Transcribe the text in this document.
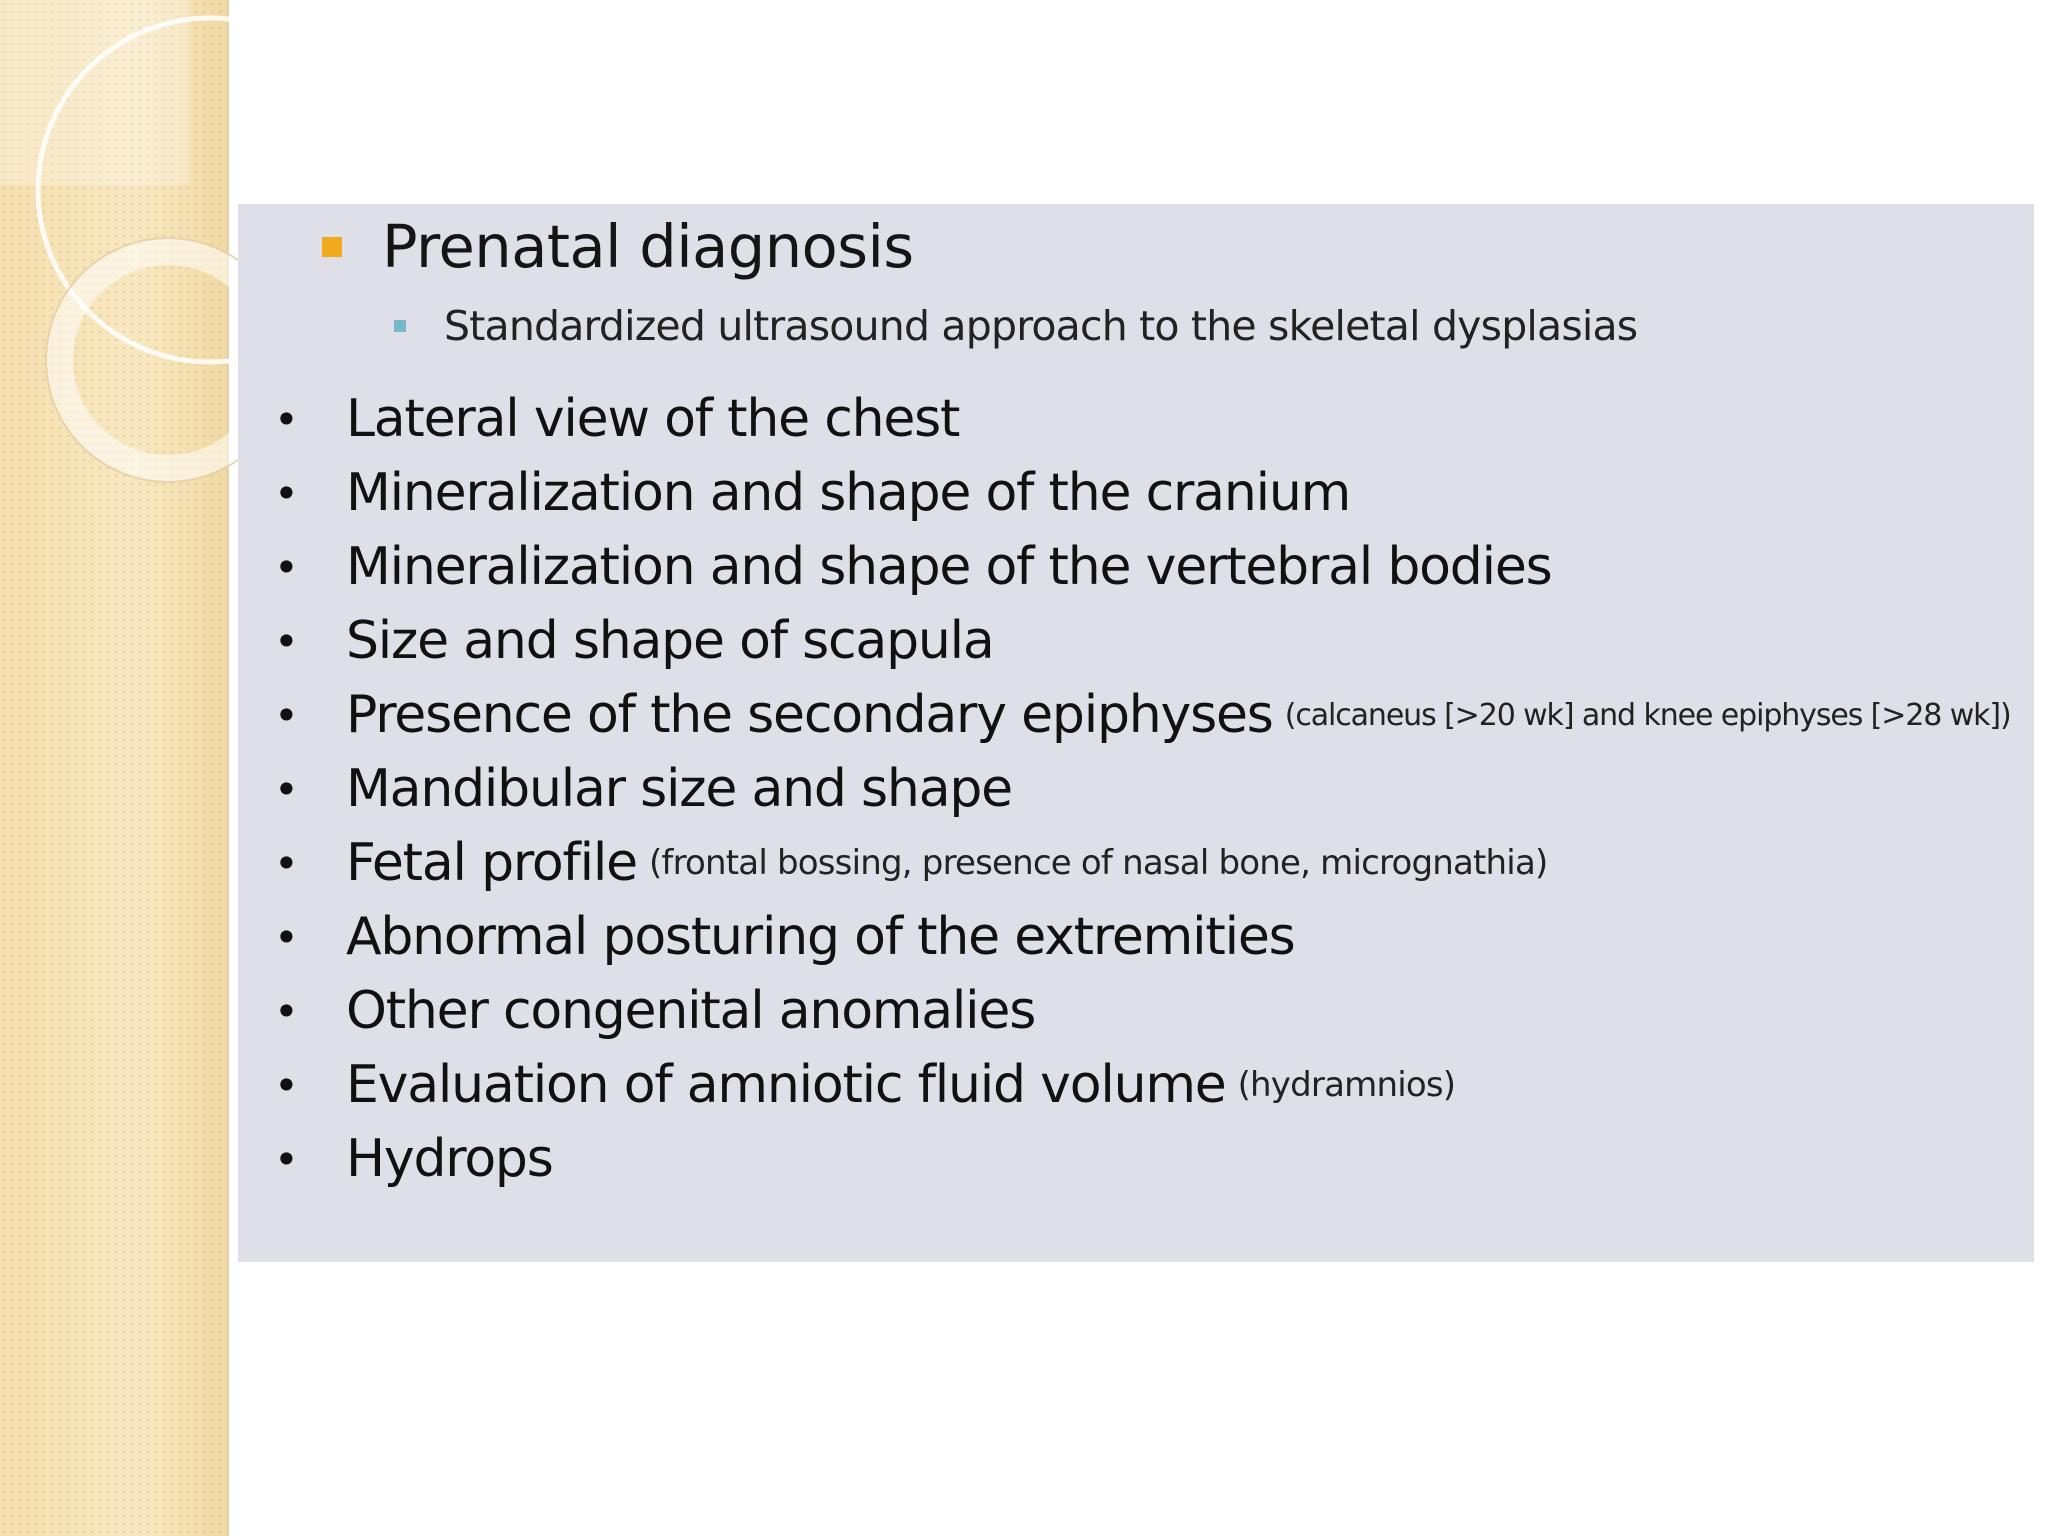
Prenatal diagnosis
Standardized ultrasound approach to the skeletal dysplasias
• Lateral view of the chest
• Mineralization and shape of the cranium
• Mineralization and shape of the vertebral bodies
• Size and shape of scapula
• Presence of the secondary epiphyses (calcaneus [>20 wk] and knee epiphyses [>28 wk])
• Mandibular size and shape
• Fetal profile (frontal bossing, presence of nasal bone, micrognathia)
• Abnormal posturing of the extremities
• Other congenital anomalies
• Evaluation of amniotic fluid volume (hydramnios)
• Hydrops
